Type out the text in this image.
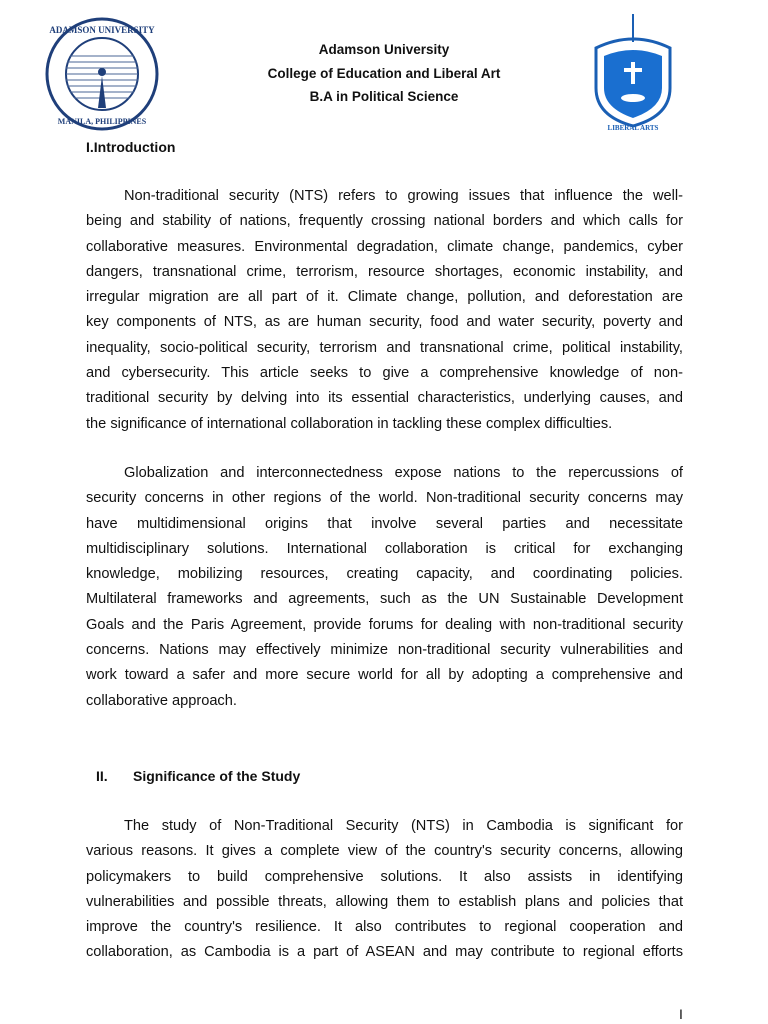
ADAMSON UNIVERSITY
MANILA, PHILIPPINES
LIBERAL ARTS
Adamson University
College of Education and Liberal Art
B.A in Political Science
I.Introduction
Non-traditional security (NTS) refers to growing issues that influence the well-
being and stability of nations, frequently crossing national borders and which calls for
collaborative measures. Environmental degradation, climate change, pandemics, cyber
dangers, transnational crime, terrorism, resource shortages, economic instability, and
irregular migration are all part of it. Climate change, pollution, and deforestation are
key components of NTS, as are human security, food and water security, poverty and
inequality, socio-political security, terrorism and transnational crime, political instability,
and cybersecurity. This article seeks to give a comprehensive knowledge of non-
traditional security by delving into its essential characteristics, underlying causes, and
the significance of international collaboration in tackling these complex difficulties.
Globalization and interconnectedness expose nations to the repercussions of
security concerns in other regions of the world. Non-traditional security concerns may
have multidimensional origins that involve several parties and necessitate
multidisciplinary solutions. International collaboration is critical for exchanging
knowledge, mobilizing resources, creating capacity, and coordinating policies.
Multilateral frameworks and agreements, such as the UN Sustainable Development
Goals and the Paris Agreement, provide forums for dealing with non-traditional security
concerns. Nations may effectively minimize non-traditional security vulnerabilities and
work toward a safer and more secure world for all by adopting a comprehensive and
collaborative approach.
II. Significance of the Study
The study of Non-Traditional Security (NTS) in Cambodia is significant for
various reasons. It gives a complete view of the country's security concerns, allowing
policymakers to build comprehensive solutions. It also assists in identifying
vulnerabilities and possible threats, allowing them to establish plans and policies that
improve the country's resilience. It also contributes to regional cooperation and
collaboration, as Cambodia is a part of ASEAN and may contribute to regional efforts
I
